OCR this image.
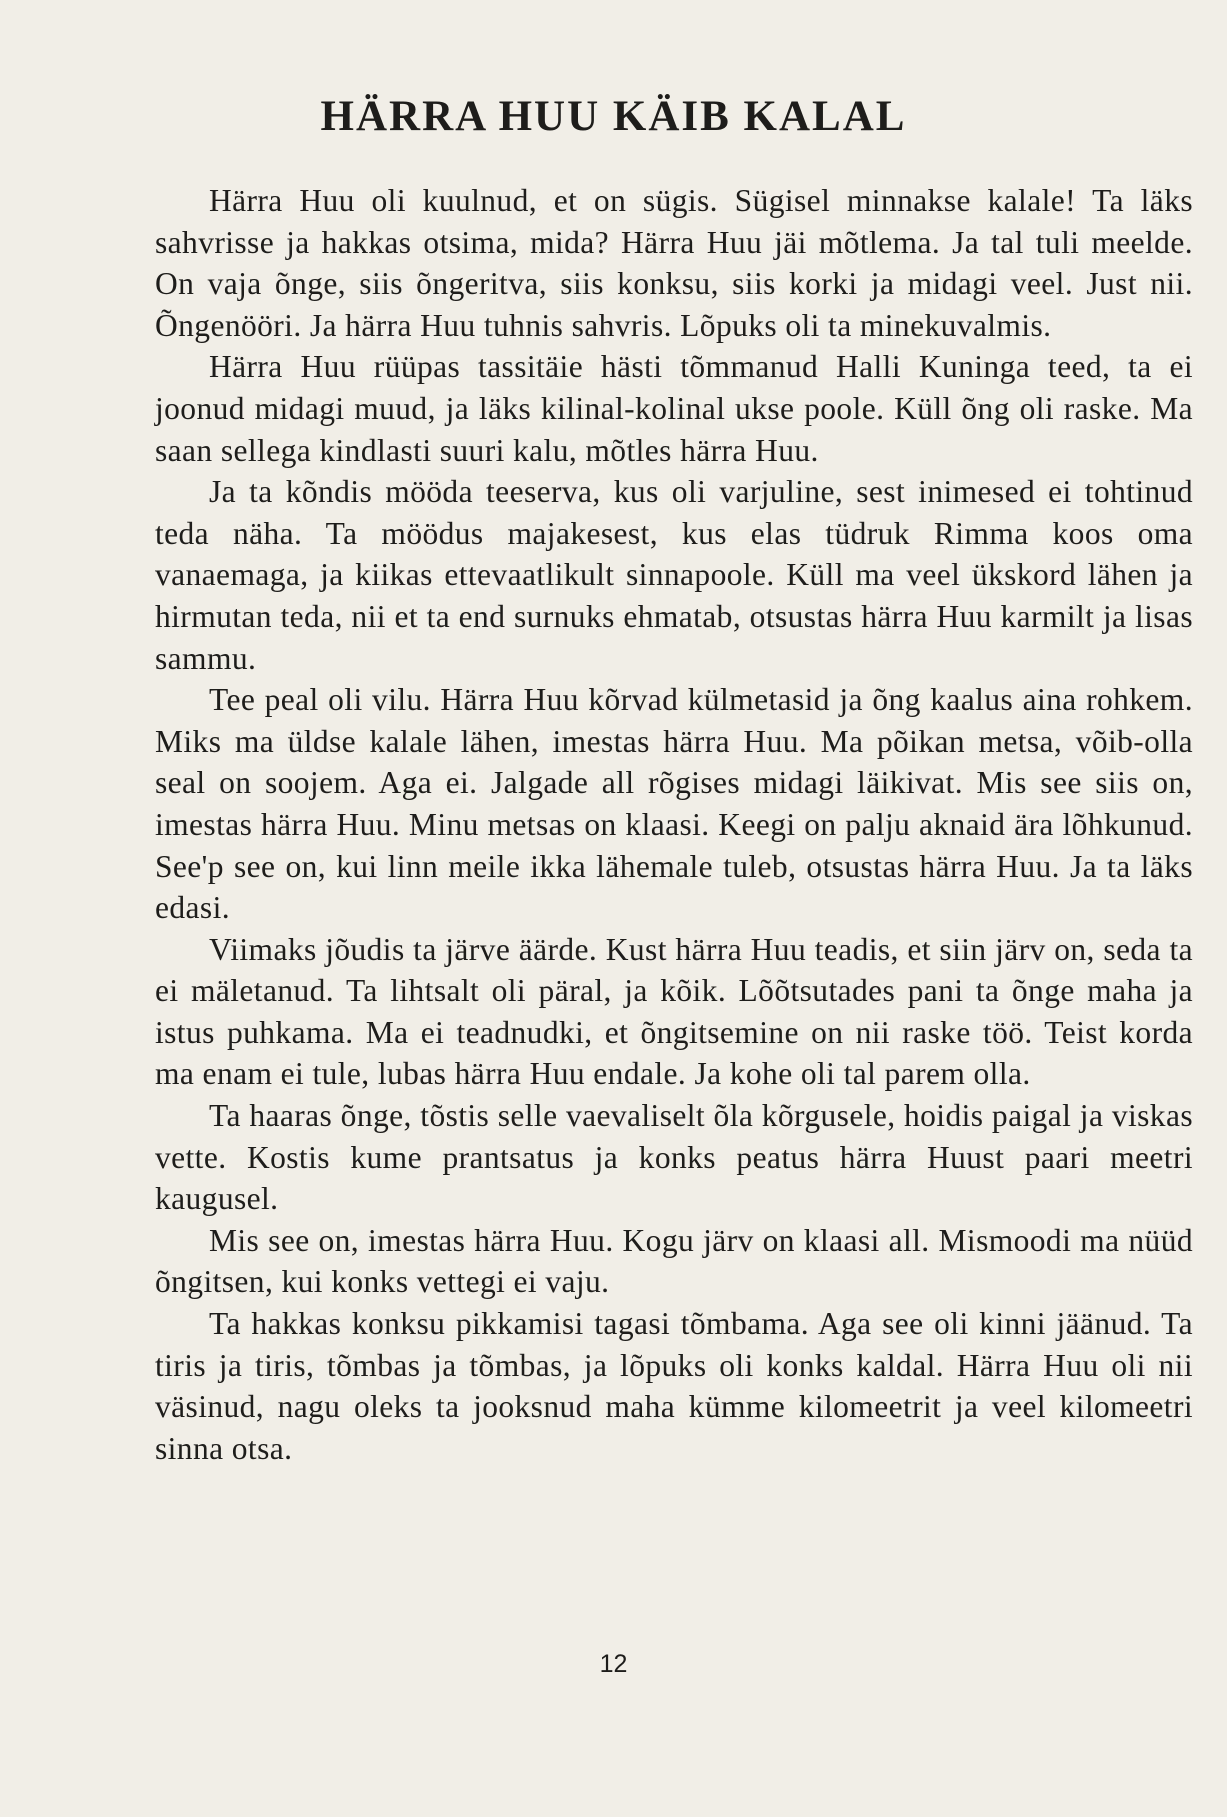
HÄRRA HUU KÄIB KALAL

Härra Huu oli kuulnud, et on sügis. Sügisel minnakse kalale! Ta läks sahvrisse ja hakkas otsima, mida? Härra Huu jäi mõtlema. Ja tal tuli meelde. On vaja õnge, siis õngeritva, siis konksu, siis korki ja midagi veel. Just nii. Õngenööri. Ja härra Huu tuhnis sahvris. Lõpuks oli ta minekuvalmis.

Härra Huu rüüpas tassitäie hästi tõmmanud Halli Kuninga teed, ta ei joonud midagi muud, ja läks kilinal-kolinal ukse poole. Küll õng oli raske. Ma saan sellega kindlasti suuri kalu, mõtles härra Huu.

Ja ta kõndis mööda teeserva, kus oli varjuline, sest inimesed ei tohtinud teda näha. Ta möödus majakesest, kus elas tüdruk Rimma koos oma vanaemaga, ja kiikas ettevaatlikult sinnapoole. Küll ma veel ükskord lähen ja hirmutan teda, nii et ta end surnuks ehmatab, otsustas härra Huu karmilt ja lisas sammu.

Tee peal oli vilu. Härra Huu kõrvad külmetasid ja õng kaalus aina rohkem. Miks ma üldse kalale lähen, imestas härra Huu. Ma põikan metsa, võib-olla seal on soojem. Aga ei. Jalgade all rõgises midagi läikivat. Mis see siis on, imestas härra Huu. Minu metsas on klaasi. Keegi on palju aknaid ära lõhkunud. See'p see on, kui linn meile ikka lähemale tuleb, otsustas härra Huu. Ja ta läks edasi.

Viimaks jõudis ta järve äärde. Kust härra Huu teadis, et siin järv on, seda ta ei mäletanud. Ta lihtsalt oli päral, ja kõik. Lõõtsutades pani ta õnge maha ja istus puhkama. Ma ei teadnudki, et õngitsemine on nii raske töö. Teist korda ma enam ei tule, lubas härra Huu endale. Ja kohe oli tal parem olla.

Ta haaras õnge, tõstis selle vaevaliselt õla kõrgusele, hoidis paigal ja viskas vette. Kostis kume prantsatus ja konks peatus härra Huust paari meetri kaugusel.

Mis see on, imestas härra Huu. Kogu järv on klaasi all. Mismoodi ma nüüd õngitsen, kui konks vettegi ei vaju.

Ta hakkas konksu pikkamisi tagasi tõmbama. Aga see oli kinni jäänud. Ta tiris ja tiris, tõmbas ja tõmbas, ja lõpuks oli konks kaldal. Härra Huu oli nii väsinud, nagu oleks ta jooksnud maha kümme kilomeetrit ja veel kilomeetri sinna otsa.

12
